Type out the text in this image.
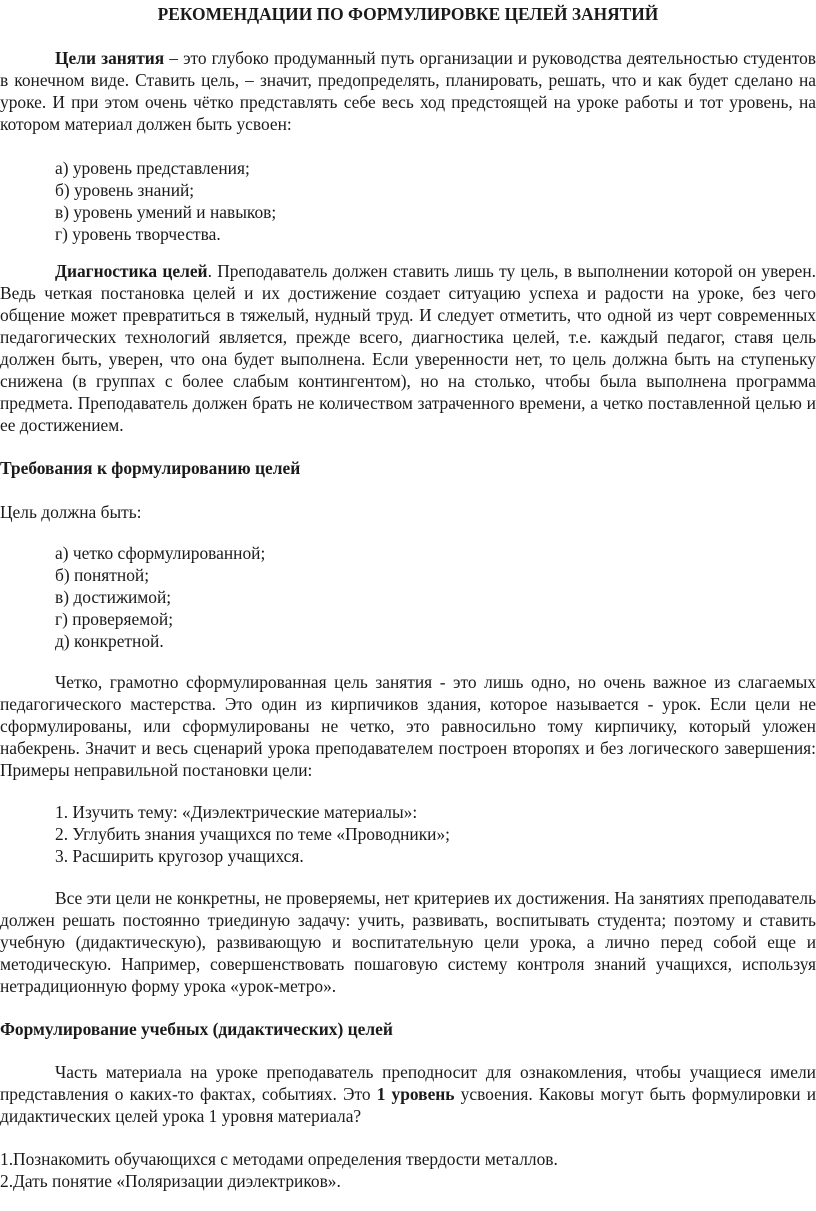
РЕКОМЕНДАЦИИ ПО ФОРМУЛИРОВКЕ ЦЕЛЕЙ ЗАНЯТИЙ
Цели занятия – это глубоко продуманный путь организации и руководства деятельностью студентов в конечном виде. Ставить цель, – значит, предопределять, планировать, решать, что и как будет сделано на уроке. И при этом очень чётко представлять себе весь ход предстоящей на уроке работы и тот уровень, на котором материал должен быть усвоен:
а) уровень представления;
б) уровень знаний;
в) уровень умений и навыков;
г) уровень творчества.
Диагностика целей. Преподаватель должен ставить лишь ту цель, в выполнении которой он уверен. Ведь четкая постановка целей и их достижение создает ситуацию успеха и радости на уроке, без чего общение может превратиться в тяжелый, нудный труд. И следует отметить, что одной из черт современных педагогических технологий является, прежде всего, диагностика целей, т.е. каждый педагог, ставя цель должен быть, уверен, что она будет выполнена. Если уверенности нет, то цель должна быть на ступеньку снижена (в группах с более слабым контингентом), но на столько, чтобы была выполнена программа предмета. Преподаватель должен брать не количеством затраченного времени, а четко поставленной целью и ее достижением.
Требования к формулированию целей
Цель должна быть:
а) четко сформулированной;
б) понятной;
в) достижимой;
г) проверяемой;
д) конкретной.
Четко, грамотно сформулированная цель занятия - это лишь одно, но очень важное из слагаемых педагогического мастерства. Это один из кирпичиков здания, которое называется - урок. Если цели не сформулированы, или сформулированы не четко, это равносильно тому кирпичику, который уложен набекрень. Значит и весь сценарий урока преподавателем построен второпях и без логического завершения: Примеры неправильной постановки цели:
1. Изучить тему: «Диэлектрические материалы»:
2. Углубить знания учащихся по теме «Проводники»;
3. Расширить кругозор учащихся.
Все эти цели не конкретны, не проверяемы, нет критериев их достижения. На занятиях преподаватель должен решать постоянно триединую задачу: учить, развивать, воспитывать студента; поэтому и ставить учебную (дидактическую), развивающую и воспитательную цели урока, а лично перед собой еще и методическую. Например, совершенствовать пошаговую систему контроля знаний учащихся, используя нетрадиционную форму урока «урок-метро».
Формулирование учебных (дидактических) целей
Часть материала на уроке преподаватель преподносит для ознакомления, чтобы учащиеся имели представления о каких-то фактах, событиях. Это 1 уровень усвоения. Каковы могут быть формулировки и дидактических целей урока 1 уровня материала?
1.Познакомить обучающихся с методами определения твердости металлов.
2.Дать понятие «Поляризации диэлектриков».
